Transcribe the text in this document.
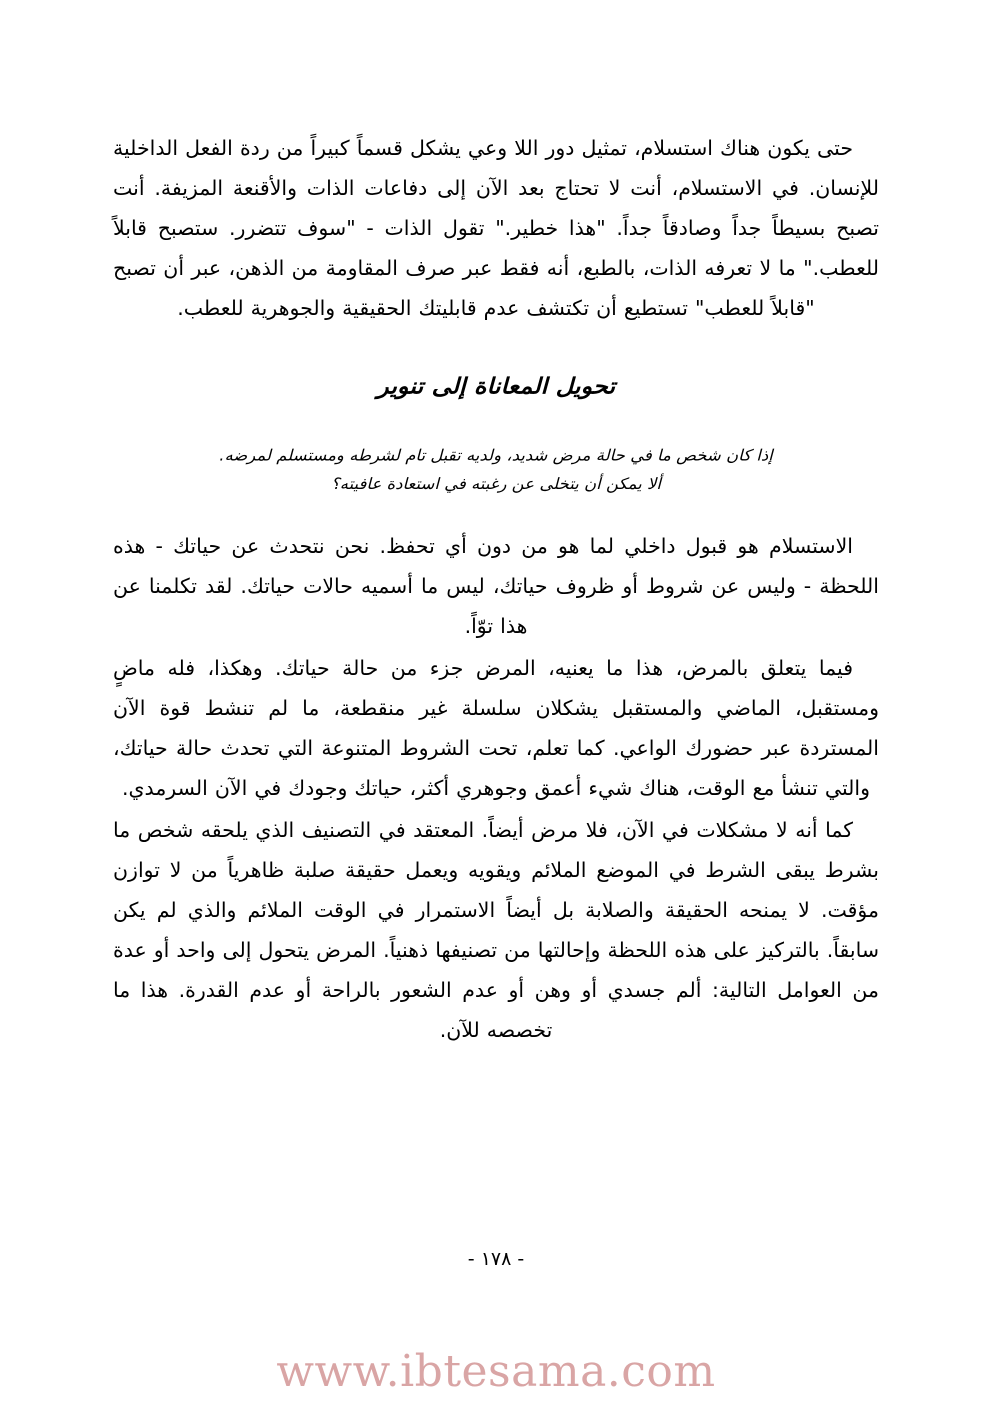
حتى يكون هناك استسلام، تمثيل دور اللا وعي يشكل قسماً كبيراً من ردة الفعل الداخلية للإنسان. في الاستسلام، أنت لا تحتاج بعد الآن إلى دفاعات الذات والأقنعة المزيفة. أنت تصبح بسيطاً جداً وصادقاً جداً. "هذا خطير." تقول الذات - "سوف تتضرر. ستصبح قابلاً للعطب." ما لا تعرفه الذات، بالطبع، أنه فقط عبر صرف المقاومة من الذهن، عبر أن تصبح "قابلاً للعطب" تستطيع أن تكتشف عدم قابليتك الحقيقية والجوهرية للعطب.

تحويل المعاناة إلى تنوير
إذا كان شخص ما في حالة مرض شديد، ولديه تقبل تام لشرطه ومستسلم لمرضه. ألا يمكن أن يتخلى عن رغبته في استعادة عافيته؟

الاستسلام هو قبول داخلي لما هو من دون أي تحفظ. نحن نتحدث عن حياتك - هذه اللحظة - وليس عن شروط أو ظروف حياتك، ليس ما أسميه حالات حياتك. لقد تكلمنا عن هذا توّاً.

فيما يتعلق بالمرض، هذا ما يعنيه، المرض جزء من حالة حياتك. وهكذا، فله ماضٍ ومستقبل، الماضي والمستقبل يشكلان سلسلة غير منقطعة، ما لم تنشط قوة الآن المستردة عبر حضورك الواعي. كما تعلم، تحت الشروط المتنوعة التي تحدث حالة حياتك، والتي تنشأ مع الوقت، هناك شيء أعمق وجوهري أكثر، حياتك وجودك في الآن السرمدي.

كما أنه لا مشكلات في الآن، فلا مرض أيضاً. المعتقد في التصنيف الذي يلحقه شخص ما بشرط يبقى الشرط في الموضع الملائم ويقويه ويعمل حقيقة صلبة ظاهرياً من لا توازن مؤقت. لا يمنحه الحقيقة والصلابة بل أيضاً الاستمرار في الوقت الملائم والذي لم يكن سابقاً. بالتركيز على هذه اللحظة وإحالتها من تصنيفها ذهنياً. المرض يتحول إلى واحد أو عدة من العوامل التالية: ألم جسدي أو وهن أو عدم الشعور بالراحة أو عدم القدرة. هذا ما تخصصه للآن.

- ١٧٨ -
www.ibtesama.com
